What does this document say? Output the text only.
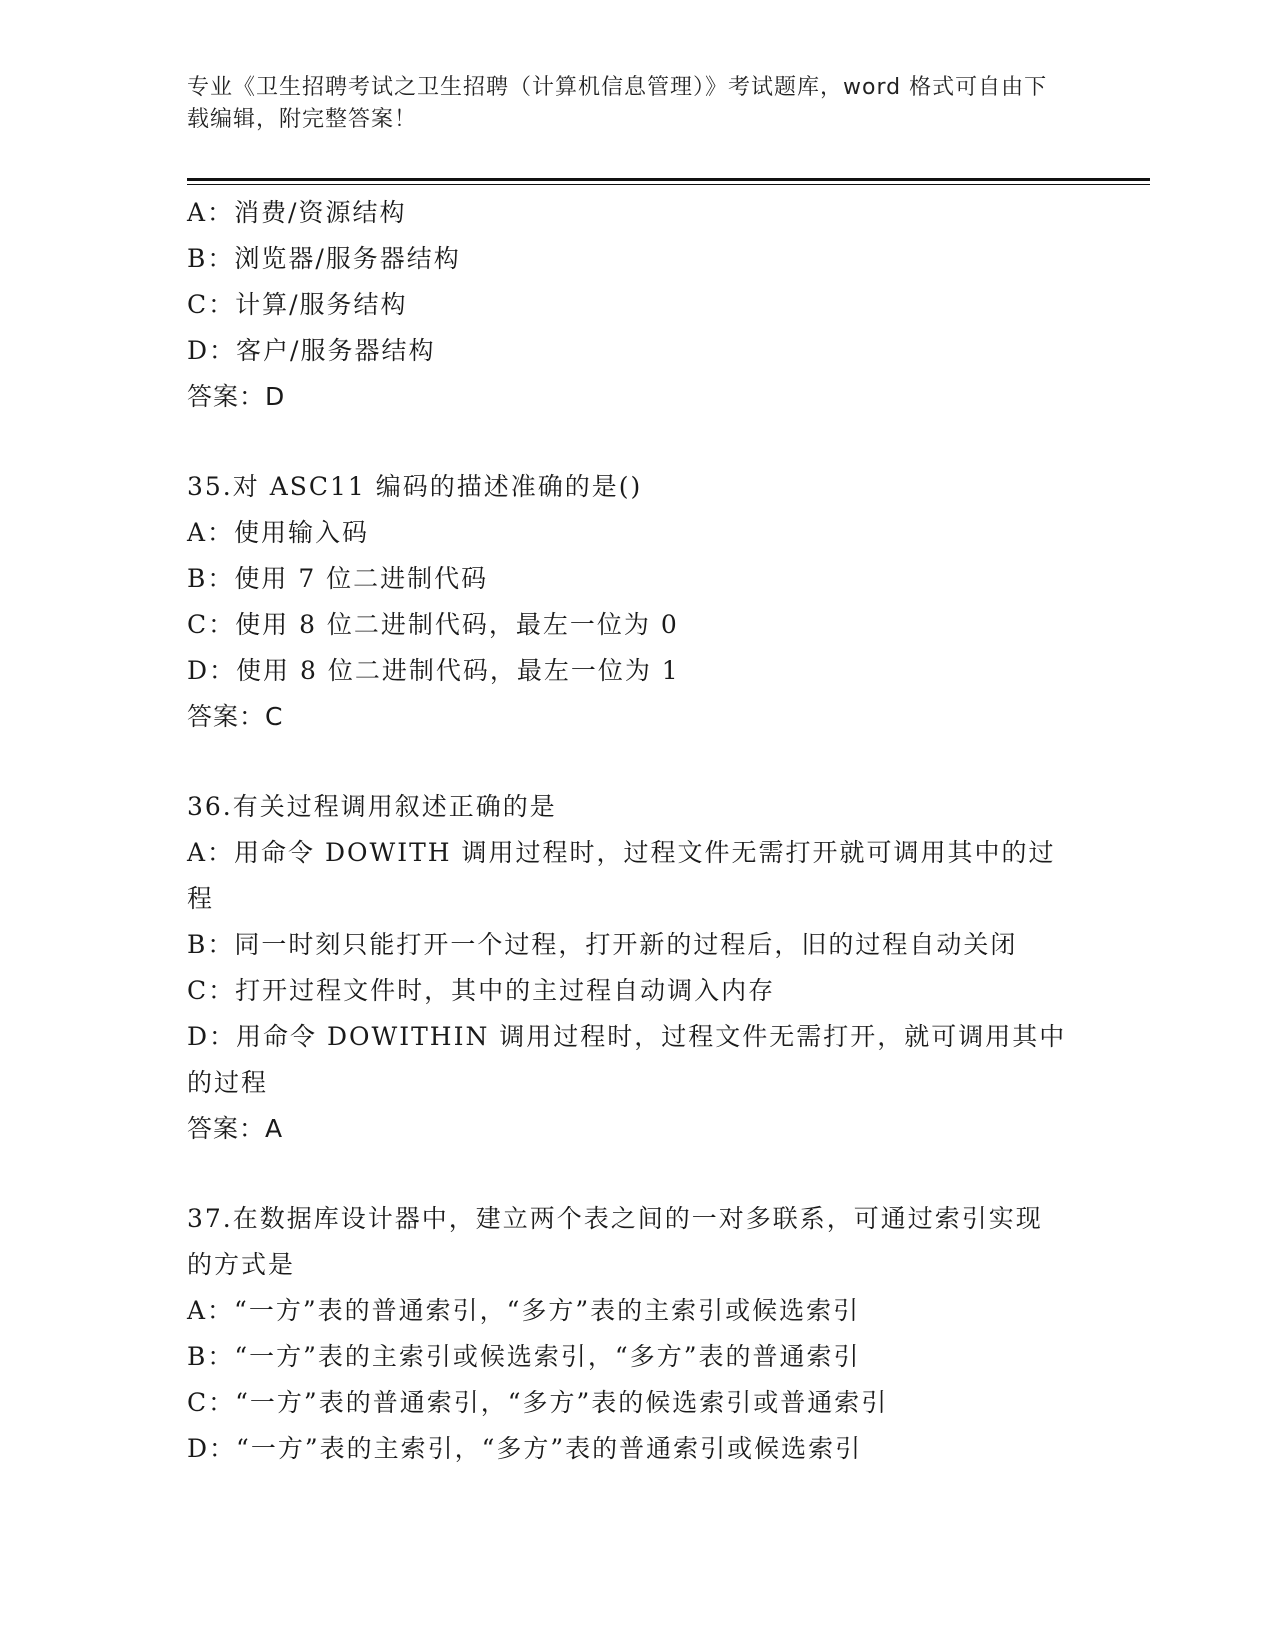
专业《卫生招聘考试之卫生招聘（计算机信息管理）》考试题库，word 格式可自由下载编辑，附完整答案！
A：消费/资源结构
B：浏览器/服务器结构
C：计算/服务结构
D：客户/服务器结构
答案：D
35.对 ASC11 编码的描述准确的是()
A：使用输入码
B：使用 7 位二进制代码
C：使用 8 位二进制代码，最左一位为 0
D：使用 8 位二进制代码，最左一位为 1
答案：C
36.有关过程调用叙述正确的是
A：用命令 DOWITH 调用过程时，过程文件无需打开就可调用其中的过程
B：同一时刻只能打开一个过程，打开新的过程后，旧的过程自动关闭
C：打开过程文件时，其中的主过程自动调入内存
D：用命令 DOWITHIN 调用过程时，过程文件无需打开，就可调用其中的过程
答案：A
37.在数据库设计器中，建立两个表之间的一对多联系，可通过索引实现的方式是
A：“一方”表的普通索引，“多方”表的主索引或候选索引
B：“一方”表的主索引或候选索引，“多方”表的普通索引
C：“一方”表的普通索引，“多方”表的候选索引或普通索引
D：“一方”表的主索引，“多方”表的普通索引或候选索引
